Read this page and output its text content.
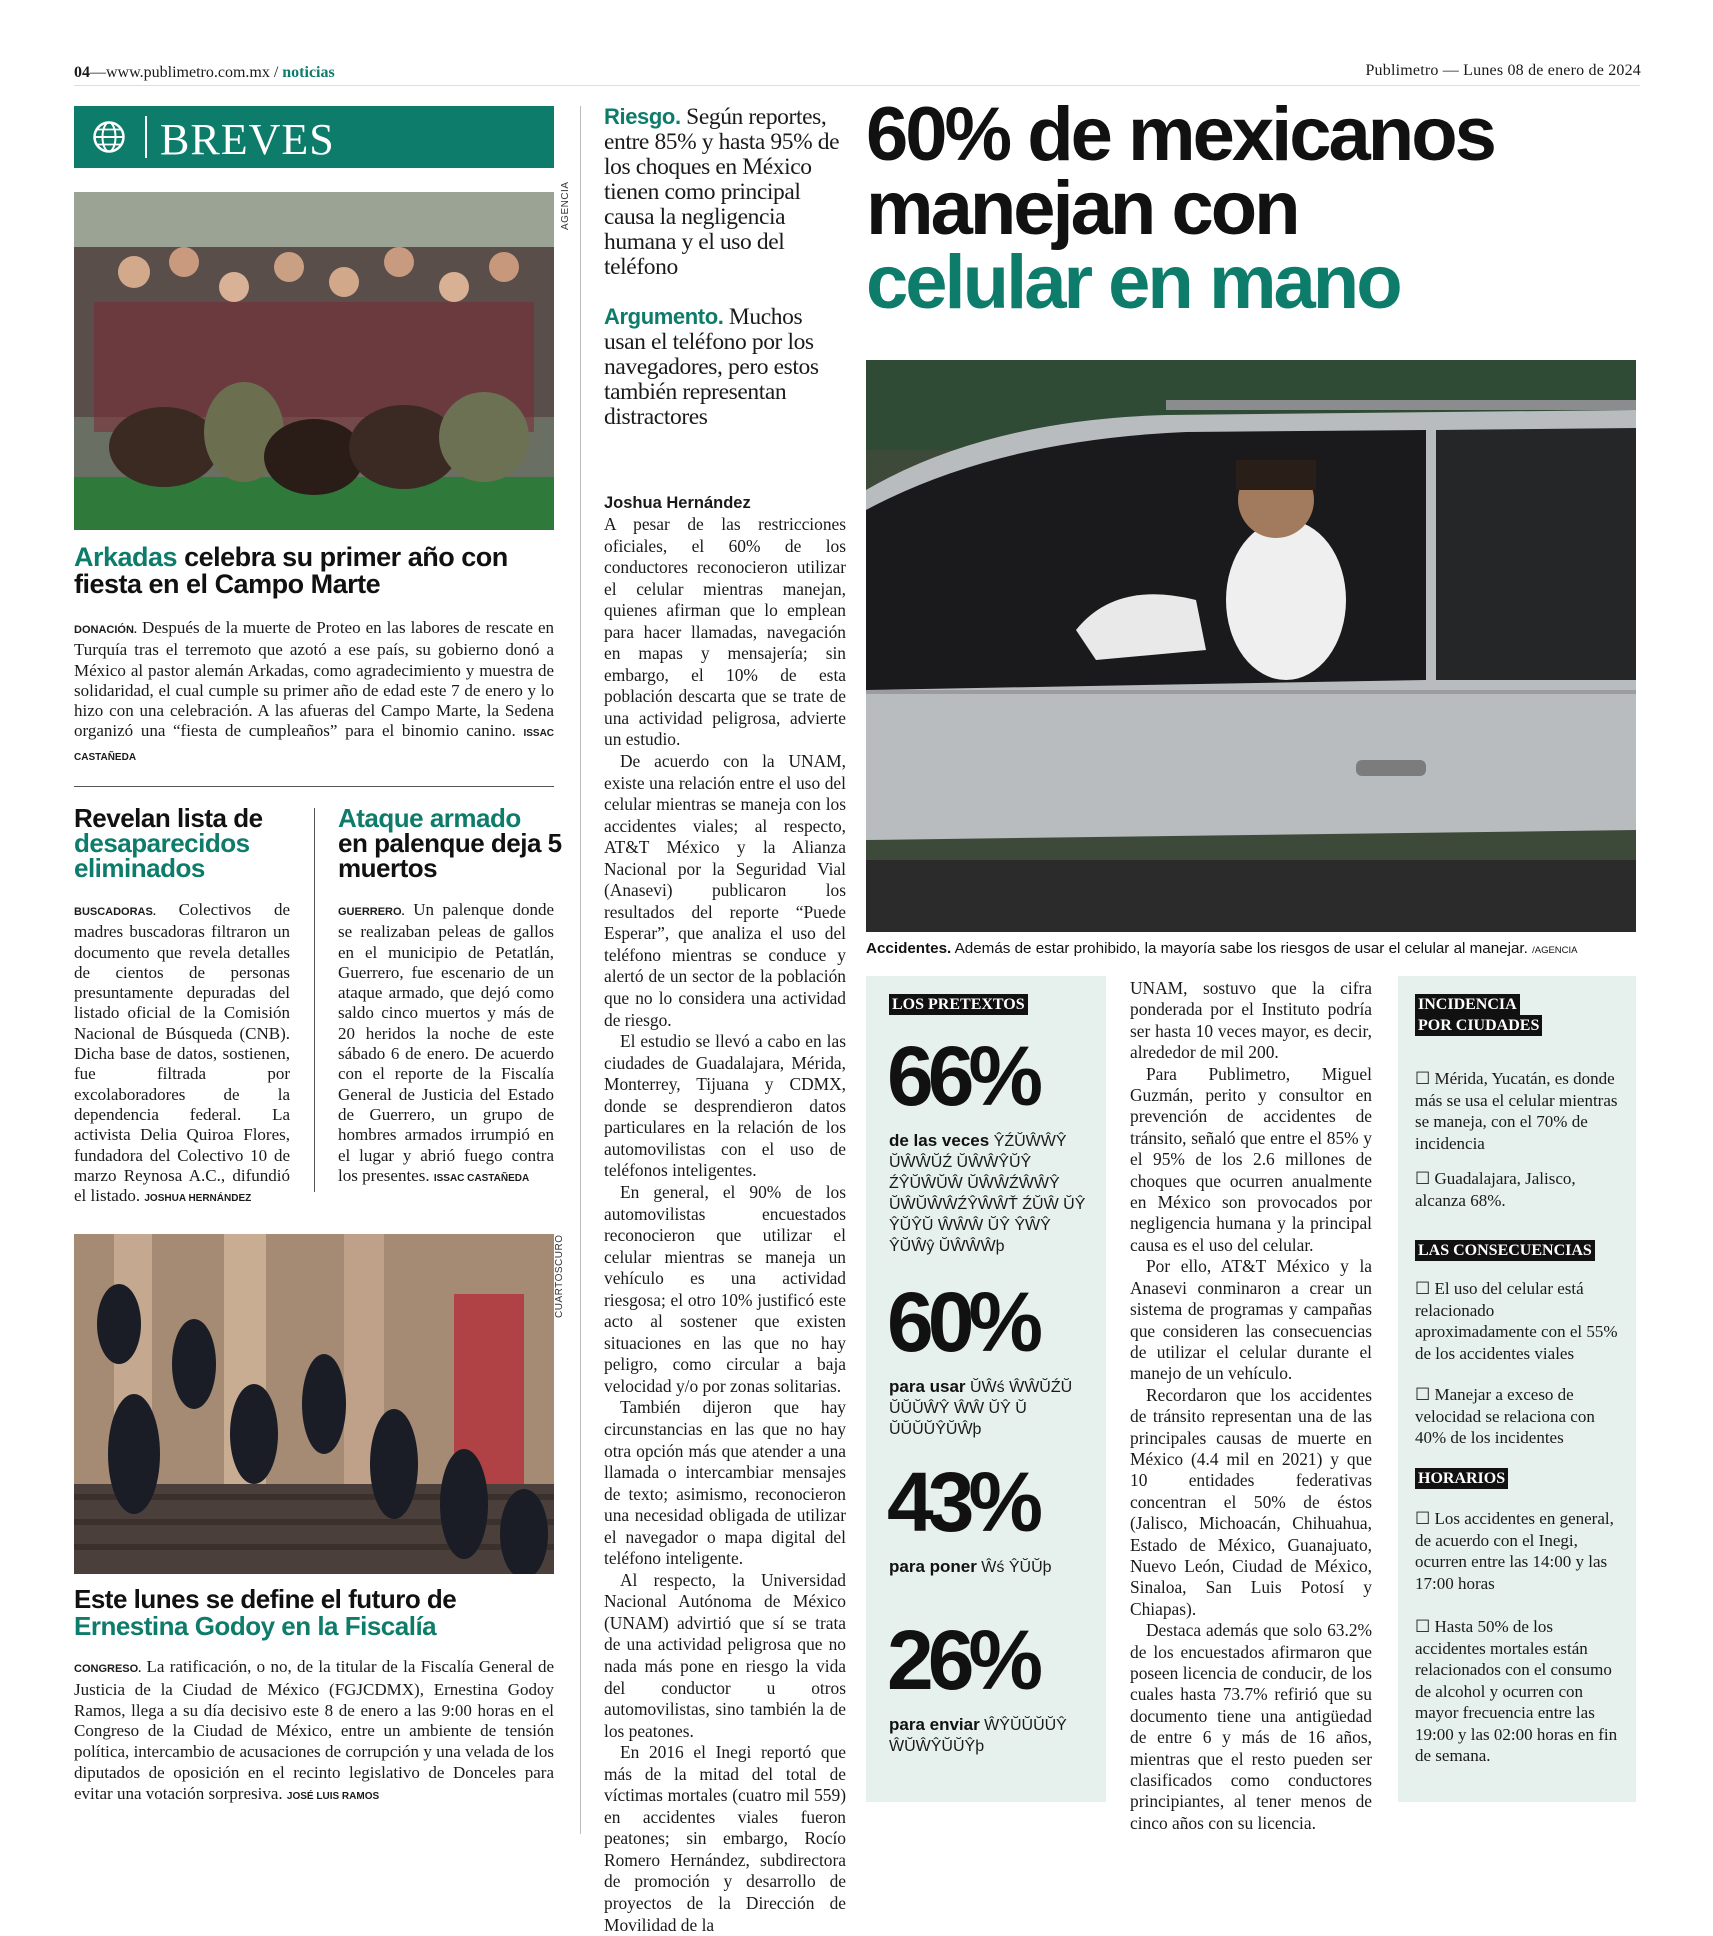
04—www.publimetro.com.mx / noticias	Publimetro — Lunes 08 de enero de 2024
BREVES
AGENCIA
Arkadas celebra su primer año con fiesta en el Campo Marte
DONACIÓN. Después de la muerte de Proteo en las labores de rescate en Turquía tras el terremoto que azotó a ese país, su gobierno donó a México al pastor alemán Arkadas, como agradecimiento y muestra de solidaridad, el cual cumple su primer año de edad este 7 de enero y lo hizo con una celebración. A las afueras del Campo Marte, la Sedena organizó una “fiesta de cumpleaños” para el binomio canino. ISSAC CASTAÑEDA
Revelan lista de
desaparecidos eliminados
BUSCADORAS. Colectivos de madres buscadoras filtraron un documento que revela detalles de cientos de personas presuntamente depuradas del listado oficial de la Comisión Nacional de Búsqueda (CNB). Dicha base de datos, sostienen, fue filtrada por excolaboradores de la dependencia federal. La activista Delia Quiroa Flores, fundadora del Colectivo 10 de marzo Reynosa A.C., difundió el listado. JOSHUA HERNÁNDEZ
Ataque armado
en palenque deja 5 muertos
GUERRERO. Un palenque donde se realizaban peleas de gallos en el municipio de Petatlán, Guerrero, fue escenario de un ataque armado, que dejó como saldo cinco muertos y más de 20 heridos la noche de este sábado 6 de enero. De acuerdo con el reporte de la Fiscalía General de Justicia del Estado de Guerrero, un grupo de hombres armados irrumpió en el lugar y abrió fuego contra los presentes. ISSAC CASTAÑEDA
CUARTOSCURO
Este lunes se define el futuro de
Ernestina Godoy en la Fiscalía
CONGRESO. La ratificación, o no, de la titular de la Fiscalía General de Justicia de la Ciudad de México (FGJCDMX), Ernestina Godoy Ramos, llega a su día decisivo este 8 de enero a las 9:00 horas en el Congreso de la Ciudad de México, entre un ambiente de tensión política, intercambio de acusaciones de corrupción y una velada de los diputados de oposición en el recinto legislativo de Donceles para evitar una votación sorpresiva. JOSÉ LUIS RAMOS
Riesgo. Según reportes, entre 85% y hasta 95% de los choques en México tienen como principal causa la negligencia humana y el uso del teléfono
Argumento. Muchos usan el teléfono por los navegadores, pero estos también representan distractores
Joshua Hernández

A pesar de las restricciones oficiales, el 60% de los conductores reconocieron utilizar el celular mientras manejan, quienes afirman que lo emplean para hacer llamadas, navegación en mapas y mensajería; sin embargo, el 10% de esta población descarta que se trate de una actividad peligrosa, advierte un estudio.

De acuerdo con la UNAM, existe una relación entre el uso del celular mientras se maneja con los accidentes viales; al respecto, AT&T México y la Alianza Nacional por la Seguridad Vial (Anasevi) publicaron los resultados del reporte “Puede Esperar”, que analiza el uso del teléfono mientras se conduce y alertó de un sector de la población que no lo considera una actividad de riesgo.

El estudio se llevó a cabo en las ciudades de Guadalajara, Mérida, Monterrey, Tijuana y CDMX, donde se desprendieron datos particulares en la relación de los automovilistas con el uso de teléfonos inteligentes.

En general, el 90% de los automovilistas encuestados reconocieron que utilizar el celular mientras se maneja un vehículo es una actividad riesgosa; el otro 10% justificó este acto al sostener que existen situaciones en las que no hay peligro, como circular a baja velocidad y/o por zonas solitarias.

También dijeron que hay circunstancias en las que no hay otra opción más que atender a una llamada o intercambiar mensajes de texto; asimismo, reconocieron una necesidad obligada de utilizar el navegador o mapa digital del teléfono inteligente.

Al respecto, la Universidad Nacional Autónoma de México (UNAM) advirtió que sí se trata de una actividad peligrosa que no nada más pone en riesgo la vida del conductor u otros automovilistas, sino también la de los peatones.

En 2016 el Inegi reportó que más de la mitad del total de víctimas mortales (cuatro mil 559) en accidentes viales fueron peatones; sin embargo, Rocío Romero Hernández, subdirectora de promoción y desarrollo de proyectos de la Dirección de Movilidad de la

60% de mexicanos
manejan con
celular en mano
Accidentes. Además de estar prohibido, la mayoría sabe los riesgos de usar el celular al manejar. /AGENCIA
LOS PRETEXTOS
66%
de las veces ŶŹŬŴŴŶ ŬŴŴŬŹ ŬŴŴŶŬŶ ŹŶŬŴŬŴ ŬŴŴŹŴŴŶ ŬŴŬŴŴŹŶŴŴŤ ŹŬŴ ŬŶ ŶŬŶŬ ŴŴŴ ŬŶ ŶŴŶ ŶŬŴŷ ŬŴŴŴþ
60%
para usar ŬŴś ŴŴŬŹŬ ŬŬŬŴŶ ŴŴ ŬŶ Ŭ ŬŬŬŬŶŬŴþ
43%
para poner Ŵś ŶŬŬþ
26%
para enviar ŴŶŬŬŬŬŶ ŴŬŴŶŬŬŶþ

UNAM, sostuvo que la cifra ponderada por el Instituto podría ser hasta 10 veces mayor, es decir, alrededor de mil 200.

Para Publimetro, Miguel Guzmán, perito y consultor en prevención de accidentes de tránsito, señaló que entre el 85% y el 95% de los 2.6 millones de choques que ocurren anualmente en México son provocados por negligencia humana y la principal causa es el uso del celular.

Por ello, AT&T México y la Anasevi conminaron a crear un sistema de programas y campañas que consideren las consecuencias de utilizar el celular durante el manejo de un vehículo.

Recordaron que los accidentes de tránsito representan una de las principales causas de muerte en México (4.4 mil en 2021) y que 10 entidades federativas concentran el 50% de éstos (Jalisco, Michoacán, Chihuahua, Estado de México, Guanajuato, Nuevo León, Ciudad de México, Sinaloa, San Luis Potosí y Chiapas).

Destaca además que solo 63.2% de los encuestados afirmaron que poseen licencia de conducir, de los cuales hasta 73.7% refirió que su documento tiene una antigüedad de entre 6 y más de 16 años, mientras que el resto pueden ser clasificados como conductores principiantes, al tener menos de cinco años con su licencia.

INCIDENCIA
POR CIUDADES
☐ Mérida, Yucatán, es donde más se usa el celular mientras se maneja, con el 70% de incidencia
☐ Guadalajara, Jalisco, alcanza 68%.
LAS CONSECUENCIAS
☐ El uso del celular está relacionado aproximadamente con el 55% de los accidentes viales
☐ Manejar a exceso de velocidad se relaciona con 40% de los incidentes
HORARIOS
☐ Los accidentes en general, de acuerdo con el Inegi, ocurren entre las 14:00 y las 17:00 horas
☐ Hasta 50% de los accidentes mortales están relacionados con el consumo de alcohol y ocurren con mayor frecuencia entre las 19:00 y las 02:00 horas en fin de semana.
